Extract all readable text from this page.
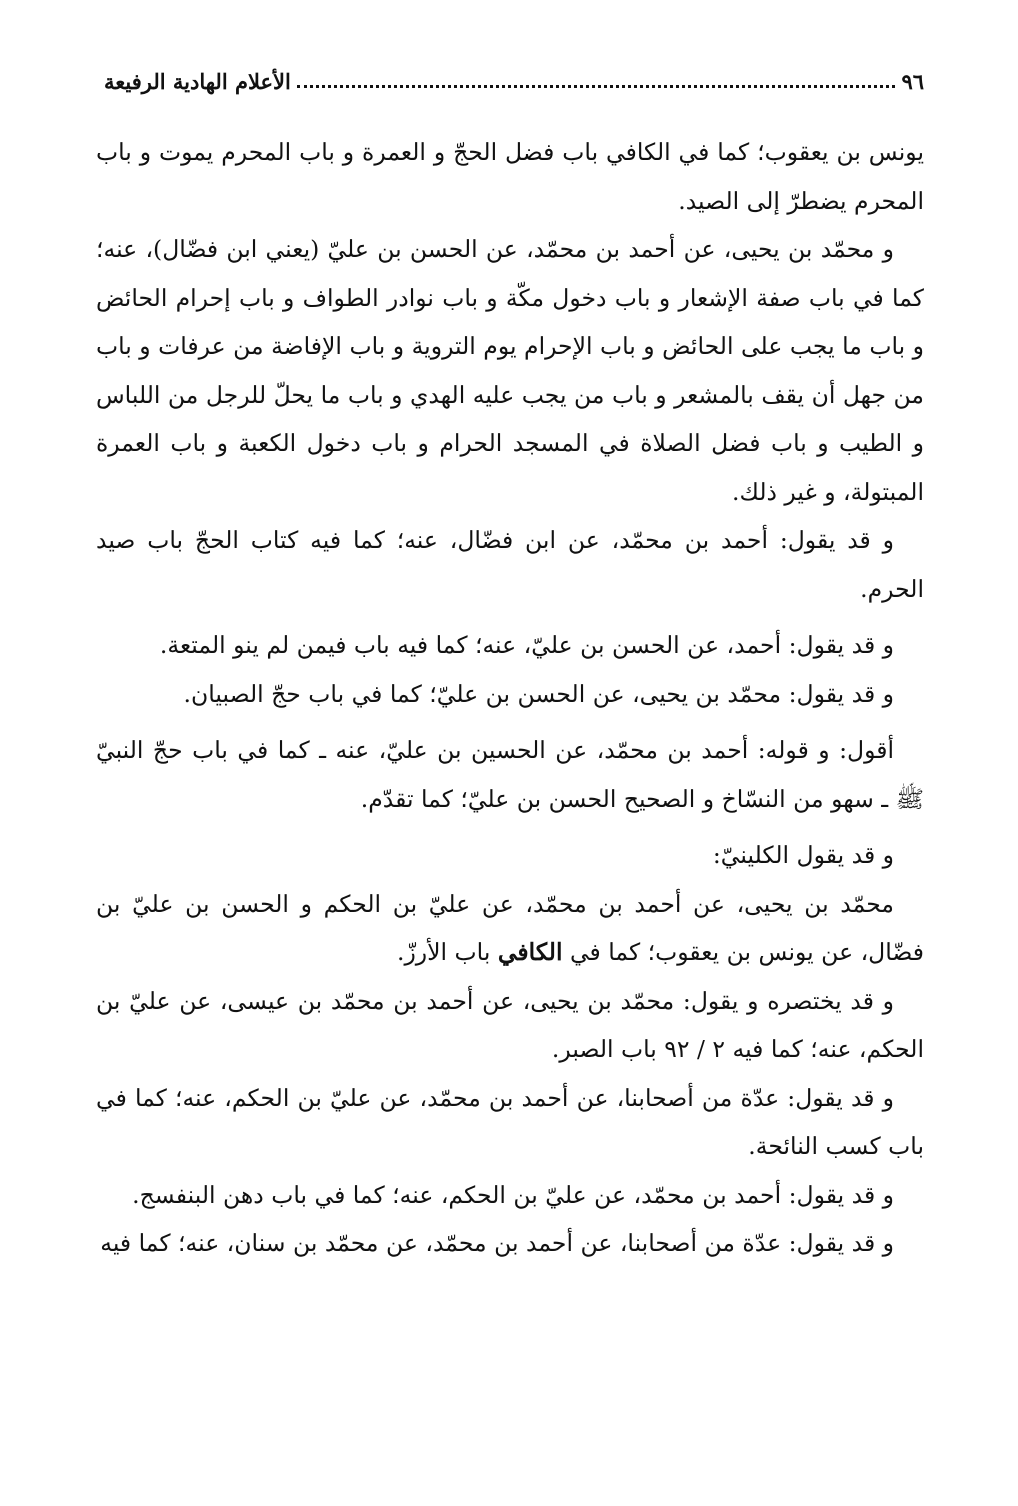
٩٦
الأعلام الهادية الرفيعة

يونس بن يعقوب؛ كما في الكافي باب فضل الحجّ و العمرة و باب المحرم يموت و باب المحرم يضطرّ إلى الصيد.

و محمّد بن يحيى، عن أحمد بن محمّد، عن الحسن بن عليّ (يعني ابن فضّال)، عنه؛ كما في باب صفة الإشعار و باب دخول مكّة و باب نوادر الطواف و باب إحرام الحائض و باب ما يجب على الحائض و باب الإحرام يوم التروية و باب الإفاضة من عرفات و باب من جهل أن يقف بالمشعر و باب من يجب عليه الهدي و باب ما يحلّ للرجل من اللباس و الطيب و باب فضل الصلاة في المسجد الحرام و باب دخول الكعبة و باب العمرة المبتولة، و غير ذلك.

و قد يقول: أحمد بن محمّد، عن ابن فضّال، عنه؛ كما فيه كتاب الحجّ باب صيد الحرم.

و قد يقول: أحمد، عن الحسن بن عليّ، عنه؛ كما فيه باب فيمن لم ينو المتعة.

و قد يقول: محمّد بن يحيى، عن الحسن بن عليّ؛ كما في باب حجّ الصبيان.

أقول: و قوله: أحمد بن محمّد، عن الحسين بن عليّ، عنه ـ كما في باب حجّ النبيّ ﷺ ـ سهو من النسّاخ و الصحيح الحسن بن عليّ؛ كما تقدّم.

و قد يقول الكلينيّ:

محمّد بن يحيى، عن أحمد بن محمّد، عن عليّ بن الحكم و الحسن بن عليّ بن فضّال، عن يونس بن يعقوب؛ كما في الكافي باب الأرزّ.

و قد يختصره و يقول: محمّد بن يحيى، عن أحمد بن محمّد بن عيسى، عن عليّ بن الحكم، عنه؛ كما فيه ٢ / ٩٢ باب الصبر.

و قد يقول: عدّة من أصحابنا، عن أحمد بن محمّد، عن عليّ بن الحكم، عنه؛ كما في باب كسب النائحة.

و قد يقول: أحمد بن محمّد، عن عليّ بن الحكم، عنه؛ كما في باب دهن البنفسج.

و قد يقول: عدّة من أصحابنا، عن أحمد بن محمّد، عن محمّد بن سنان، عنه؛ كما فيه
